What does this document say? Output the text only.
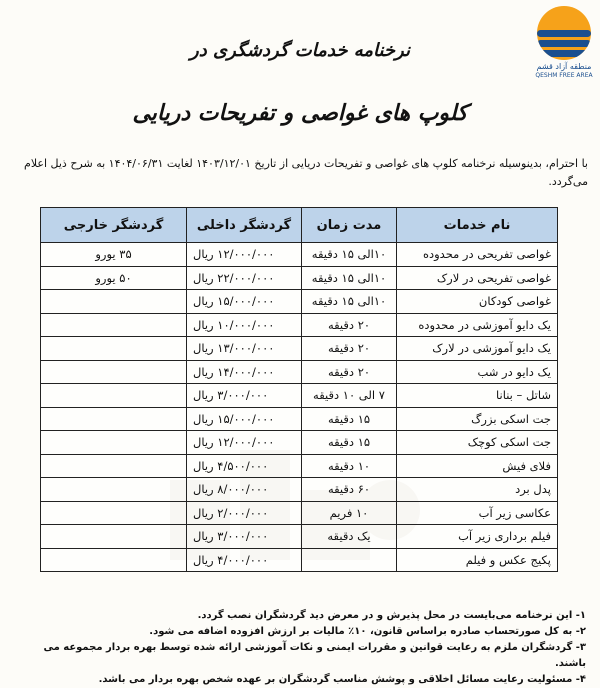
منطقه آزاد قشم
QESHM FREE AREA
نرخنامه خدمات گردشگری در
کلوپ های غواصی و تفریحات دریایی
با احترام، بدینوسیله نرخنامه کلوپ های غواصی و تفریحات دریایی از تاریخ ۱۴۰۳/۱۲/۰۱ لغایت ۱۴۰۴/۰۶/۳۱ به شرح ذیل اعلام می‌گردد.
نام خدمات	مدت زمان	گردشگر داخلی	گردشگر خارجی
غواصی تفریحی در محدوده	۱۰الی ۱۵ دقیقه	۱۲/۰۰۰/۰۰۰ ریال	۳۵ یورو
غواصی تفریحی در لارک	۱۰الی ۱۵ دقیقه	۲۲/۰۰۰/۰۰۰ ریال	۵۰ یورو
غواصی کودکان	۱۰الی ۱۵ دقیقه	۱۵/۰۰۰/۰۰۰ ریال	
یک دایو آموزشی در محدوده	۲۰ دقیقه	۱۰/۰۰۰/۰۰۰ ریال	
یک دایو آموزشی در لارک	۲۰ دقیقه	۱۳/۰۰۰/۰۰۰ ریال	
یک دایو در شب	۲۰ دقیقه	۱۴/۰۰۰/۰۰۰ ریال	
شاتل – بنانا	۷ الی ۱۰ دقیقه	۳/۰۰۰/۰۰۰ ریال	
جت اسکی بزرگ	۱۵ دقیقه	۱۵/۰۰۰/۰۰۰ ریال	
جت اسکی کوچک	۱۵ دقیقه	۱۲/۰۰۰/۰۰۰ ریال	
فلای فیش	۱۰ دقیقه	۴/۵۰۰/۰۰۰ ریال	
پدل برد	۶۰ دقیقه	۸/۰۰۰/۰۰۰ ریال	
عکاسی زیر آب	۱۰ فریم	۲/۰۰۰/۰۰۰ ریال	
فیلم برداری زیر آب	یک دقیقه	۳/۰۰۰/۰۰۰ ریال	
پکیج عکس و فیلم		۴/۰۰۰/۰۰۰ ریال	
۱- این نرخنامه می‌بایست در محل پذیرش و در معرض دید گردشگران نصب گردد.
۲- به کل صورتحساب صادره براساس قانون، ۱۰٪ مالیات بر ارزش افزوده اضافه می شود.
۳- گردشگران ملزم به رعایت قوانین و مقررات ایمنی و نکات آموزشی ارائه شده توسط بهره بردار مجموعه می باشند.
۴- مسئولیت رعایت مسائل اخلاقی و پوشش مناسب گردشگران بر عهده شخص بهره بردار می باشد.
